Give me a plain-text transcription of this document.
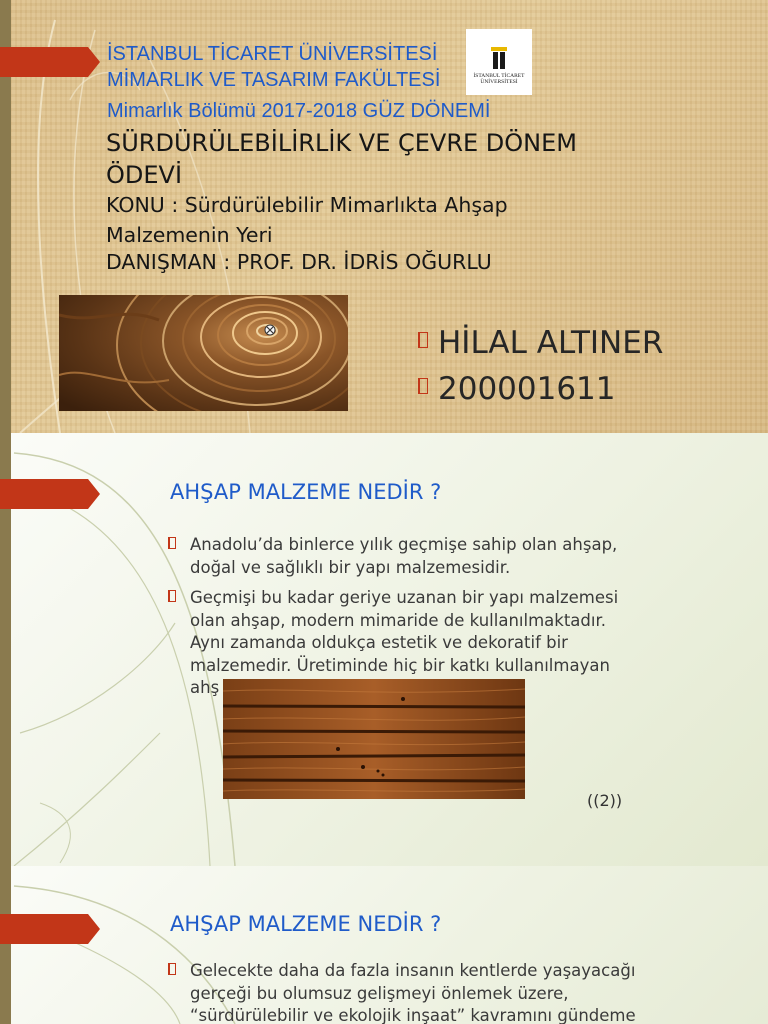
İSTANBUL TİCARET ÜNİVERSİTESİ
MİMARLIK VE TASARIM FAKÜLTESİ
Mimarlık Bölümü 2017-2018 GÜZ DÖNEMİ
SÜRDÜRÜLEBİLİRLİK VE ÇEVRE DÖNEM
ÖDEVİ
KONU : Sürdürülebilir Mimarlıkta Ahşap
Malzemenin Yeri
DANIŞMAN : PROF. DR. İDRİS OĞURLU
İSTANBUL TİCARET
ÜNİVERSİTESİ
HİLAL ALTINER
200001611
AHŞAP MALZEME NEDİR ?

Anadolu’da binlerce yılık geçmişe sahip olan ahşap,
doğal ve sağlıklı bir yapı malzemesidir.

Geçmişi bu kadar geriye uzanan bir yapı malzemesi
olan ahşap, modern mimaride de kullanılmaktadır.
Aynı zamanda oldukça estetik ve dekoratif bir
malzemedir. Üretiminde hiç bir katkı kullanılmayan
ahş

((2))
AHŞAP MALZEME NEDİR ?

Gelecekte daha da fazla insanın kentlerde yaşayacağı
gerçeği bu olumsuz gelişmeyi önlemek üzere,
“sürdürülebilir ve ekolojik inşaat” kavramını gündeme
